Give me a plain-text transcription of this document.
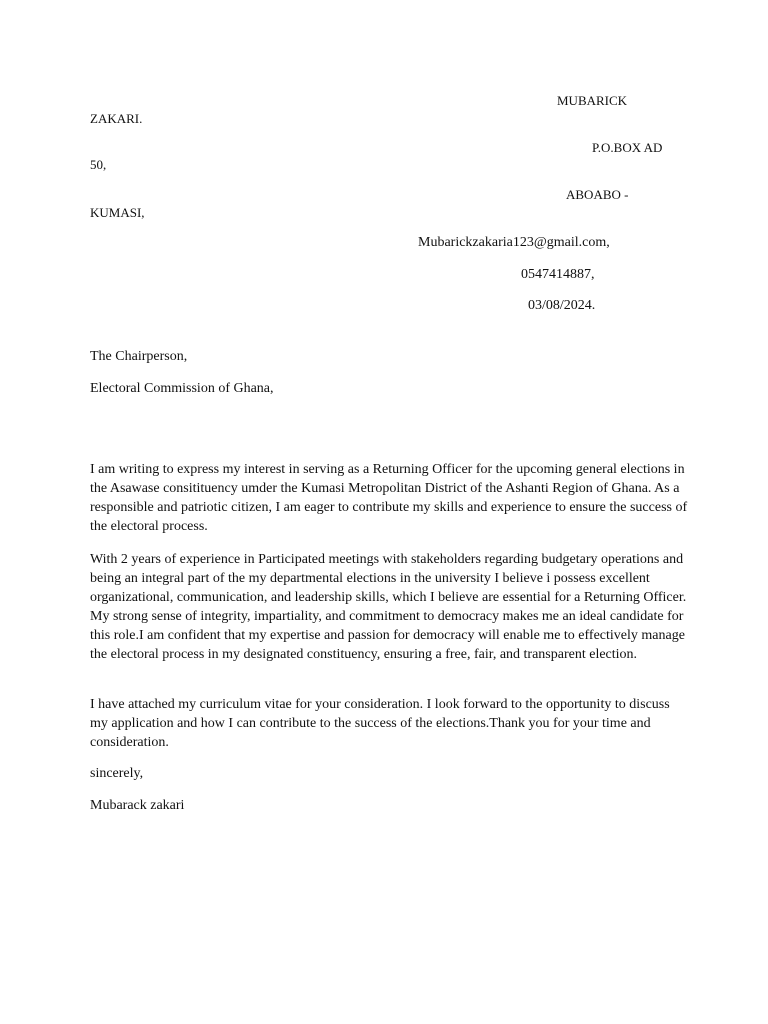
MUBARICK
ZAKARI.
P.O.BOX AD
50,
ABOABO -
KUMASI,
Mubarickzakaria123@gmail.com,
0547414887,
03/08/2024.
The Chairperson,
Electoral Commission of Ghana,

I am writing to express my interest in serving as a Returning Officer for the upcoming general elections in the Asawase consitituency umder the Kumasi Metropolitan District of the Ashanti Region of Ghana. As a responsible and patriotic citizen, I am eager to contribute my skills and experience to ensure the success of the electoral process.

With 2 years of experience in Participated meetings with stakeholders regarding budgetary operations and being an integral part of the my departmental elections in the university I believe i possess excellent organizational, communication, and leadership skills, which I believe are essential for a Returning Officer. My strong sense of integrity, impartiality, and commitment to democracy makes me an ideal candidate for this role.I am confident that my expertise and passion for democracy will enable me to effectively manage the electoral process in my designated constituency, ensuring a free, fair, and transparent election.

I have attached my curriculum vitae for your consideration. I look forward to the opportunity to discuss my application and how I can contribute to the success of the elections.Thank you for your time and consideration.

sincerely,
Mubarack zakari
